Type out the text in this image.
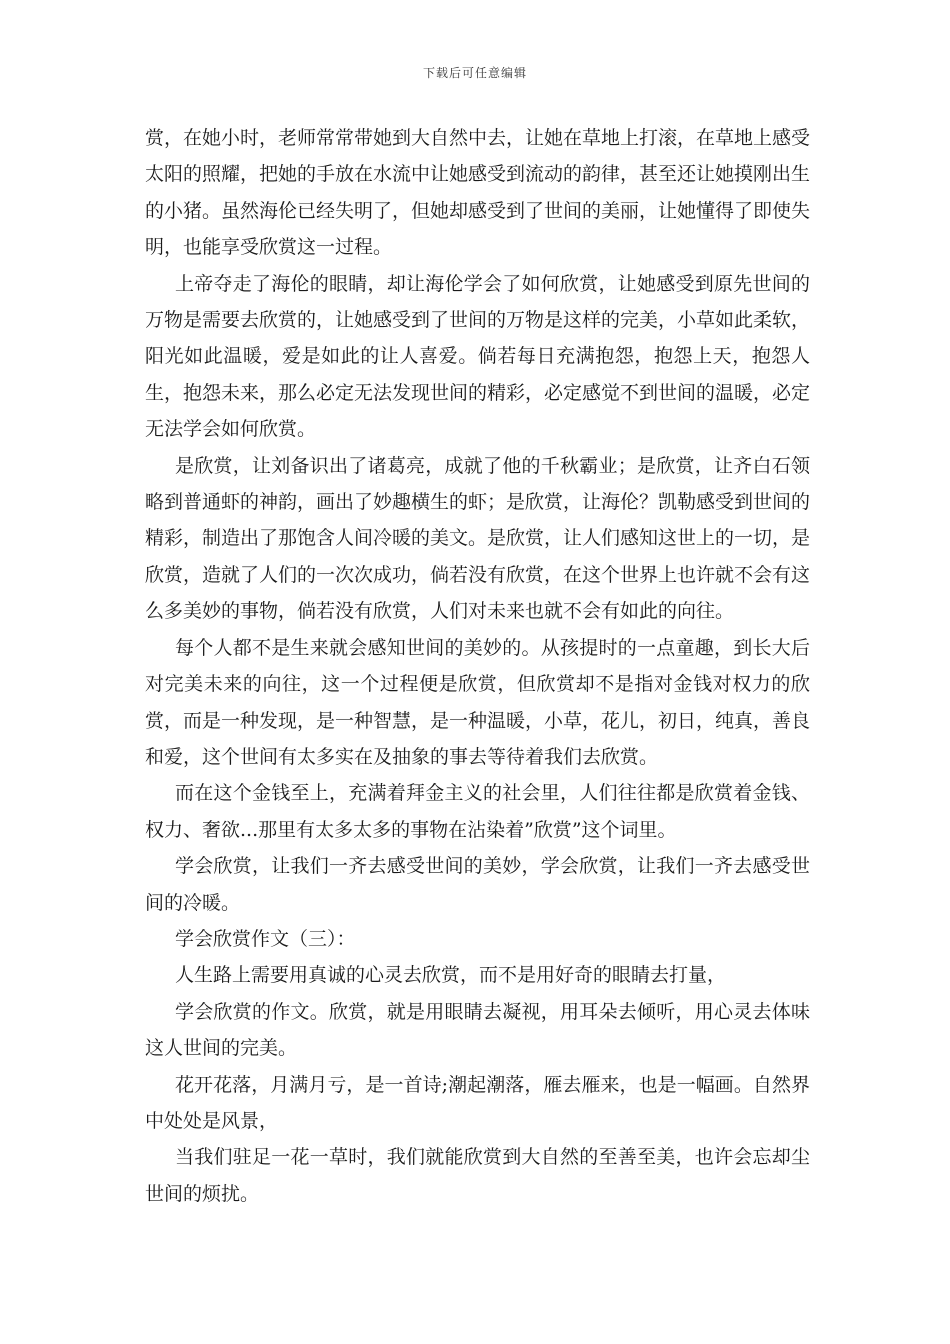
下载后可任意编辑

赏，在她小时，老师常常带她到大自然中去，让她在草地上打滚，在草地上感受太阳的照耀，把她的手放在水流中让她感受到流动的韵律，甚至还让她摸刚出生的小猪。虽然海伦已经失明了，但她却感受到了世间的美丽，让她懂得了即使失明，也能享受欣赏这一过程。

上帝夺走了海伦的眼睛，却让海伦学会了如何欣赏，让她感受到原先世间的万物是需要去欣赏的，让她感受到了世间的万物是这样的完美，小草如此柔软，阳光如此温暖，爱是如此的让人喜爱。倘若每日充满抱怨，抱怨上天，抱怨人生，抱怨未来，那么必定无法发现世间的精彩，必定感觉不到世间的温暖，必定无法学会如何欣赏。

是欣赏，让刘备识出了诸葛亮，成就了他的千秋霸业；是欣赏，让齐白石领略到普通虾的神韵，画出了妙趣横生的虾；是欣赏，让海伦？凯勒感受到世间的精彩，制造出了那饱含人间冷暖的美文。是欣赏，让人们感知这世上的一切，是欣赏，造就了人们的一次次成功，倘若没有欣赏，在这个世界上也许就不会有这么多美妙的事物，倘若没有欣赏，人们对未来也就不会有如此的向往。

每个人都不是生来就会感知世间的美妙的。从孩提时的一点童趣，到长大后对完美未来的向往，这一个过程便是欣赏，但欣赏却不是指对金钱对权力的欣赏，而是一种发现，是一种智慧，是一种温暖，小草，花儿，初日，纯真，善良和爱，这个世间有太多实在及抽象的事去等待着我们去欣赏。

而在这个金钱至上，充满着拜金主义的社会里，人们往往都是欣赏着金钱、权力、奢欲...那里有太多太多的事物在沾染着”欣赏”这个词里。

学会欣赏，让我们一齐去感受世间的美妙，学会欣赏，让我们一齐去感受世间的冷暖。

学会欣赏作文（三）：

人生路上需要用真诚的心灵去欣赏，而不是用好奇的眼睛去打量，

学会欣赏的作文。欣赏，就是用眼睛去凝视，用耳朵去倾听，用心灵去体味这人世间的完美。

花开花落，月满月亏，是一首诗;潮起潮落，雁去雁来，也是一幅画。自然界中处处是风景，

当我们驻足一花一草时，我们就能欣赏到大自然的至善至美，也许会忘却尘世间的烦扰。
